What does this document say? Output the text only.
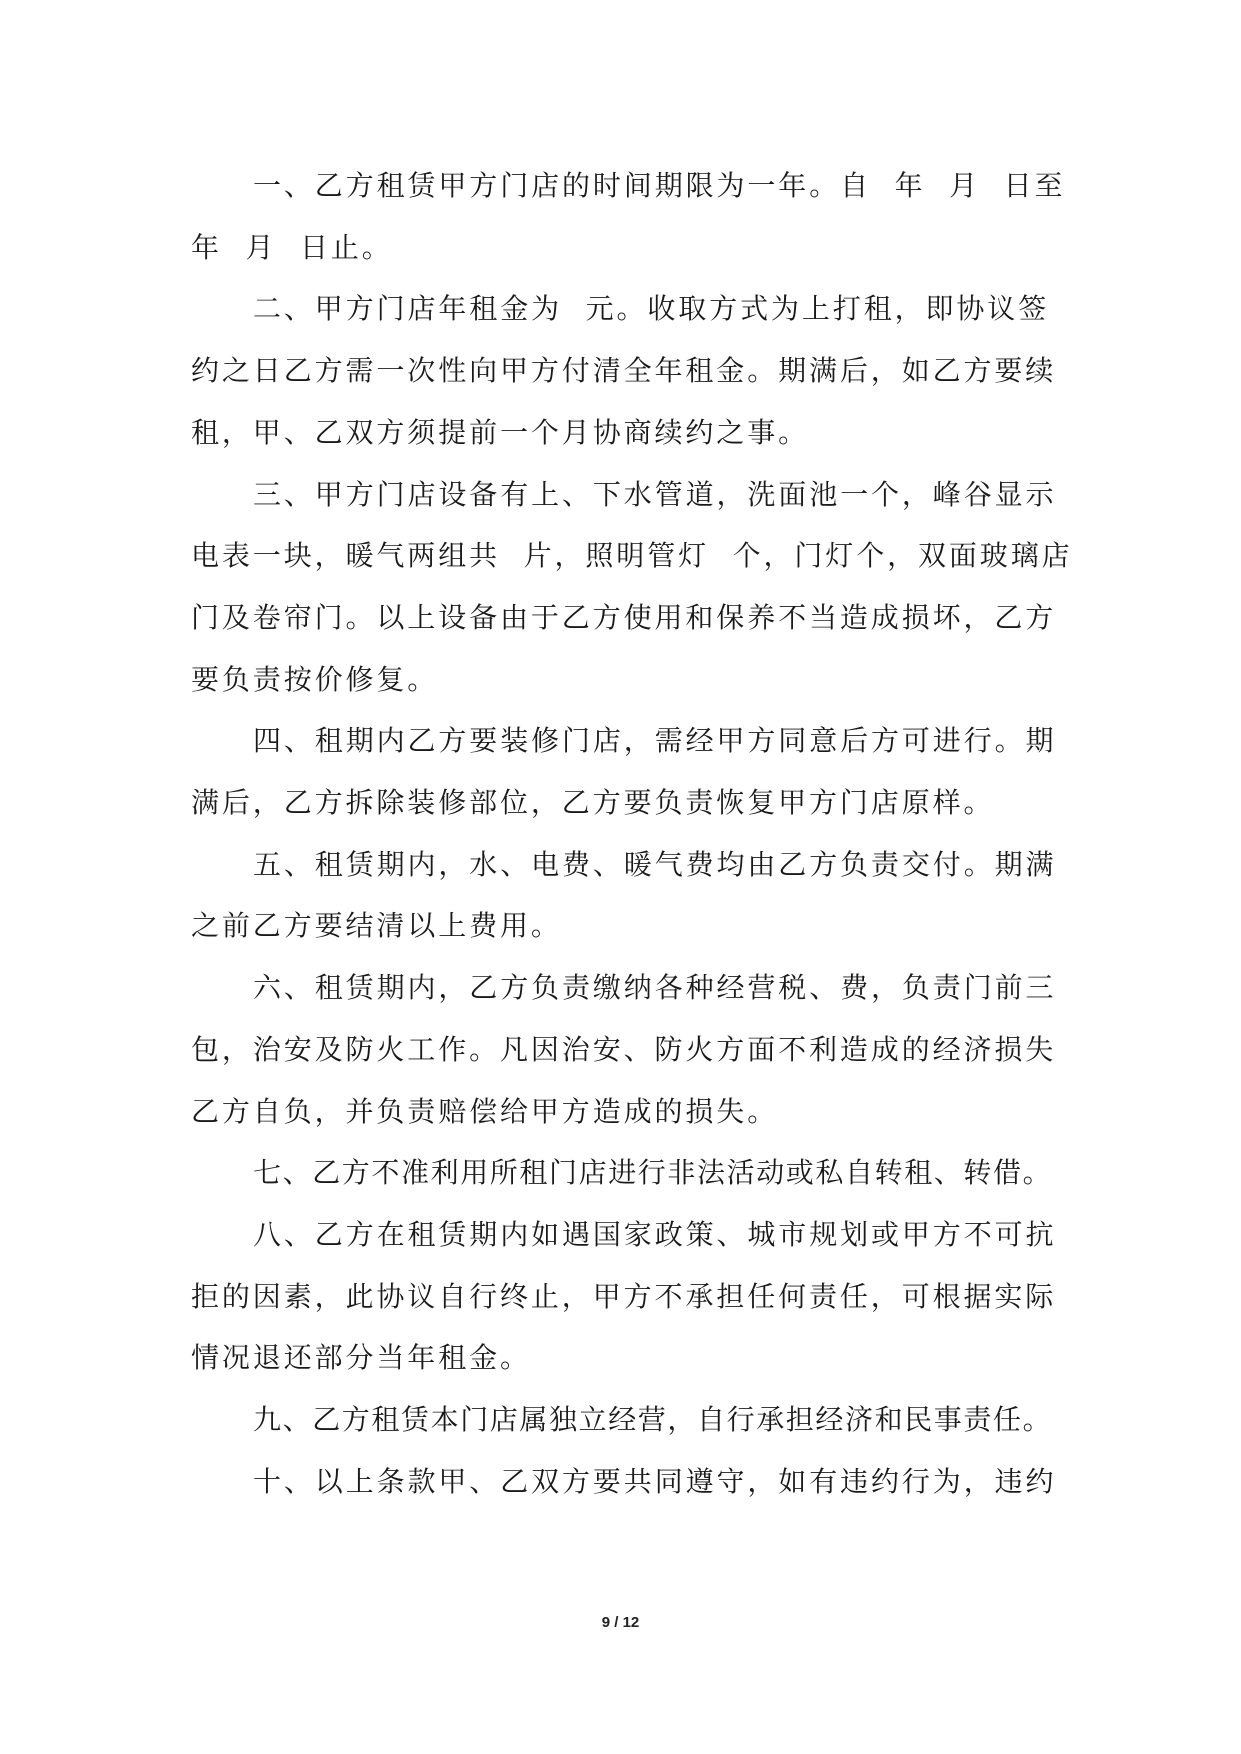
一、乙方租赁甲方门店的时间期限为一年。自  年  月  日至
年  月  日止。

二、甲方门店年租金为  元。收取方式为上打租，即协议签
约之日乙方需一次性向甲方付清全年租金。期满后，如乙方要续
租，甲、乙双方须提前一个月协商续约之事。

三、甲方门店设备有上、下水管道，洗面池一个，峰谷显示
电表一块，暖气两组共  片，照明管灯  个，门灯个，双面玻璃店
门及卷帘门。以上设备由于乙方使用和保养不当造成损坏，乙方
要负责按价修复。

四、租期内乙方要装修门店，需经甲方同意后方可进行。期
满后，乙方拆除装修部位，乙方要负责恢复甲方门店原样。

五、租赁期内，水、电费、暖气费均由乙方负责交付。期满
之前乙方要结清以上费用。

六、租赁期内，乙方负责缴纳各种经营税、费，负责门前三
包，治安及防火工作。凡因治安、防火方面不利造成的经济损失
乙方自负，并负责赔偿给甲方造成的损失。

七、乙方不准利用所租门店进行非法活动或私自转租、转借。

八、乙方在租赁期内如遇国家政策、城市规划或甲方不可抗
拒的因素，此协议自行终止，甲方不承担任何责任，可根据实际
情况退还部分当年租金。

九、乙方租赁本门店属独立经营，自行承担经济和民事责任。

十、以上条款甲、乙双方要共同遵守，如有违约行为，违约

9 / 12
